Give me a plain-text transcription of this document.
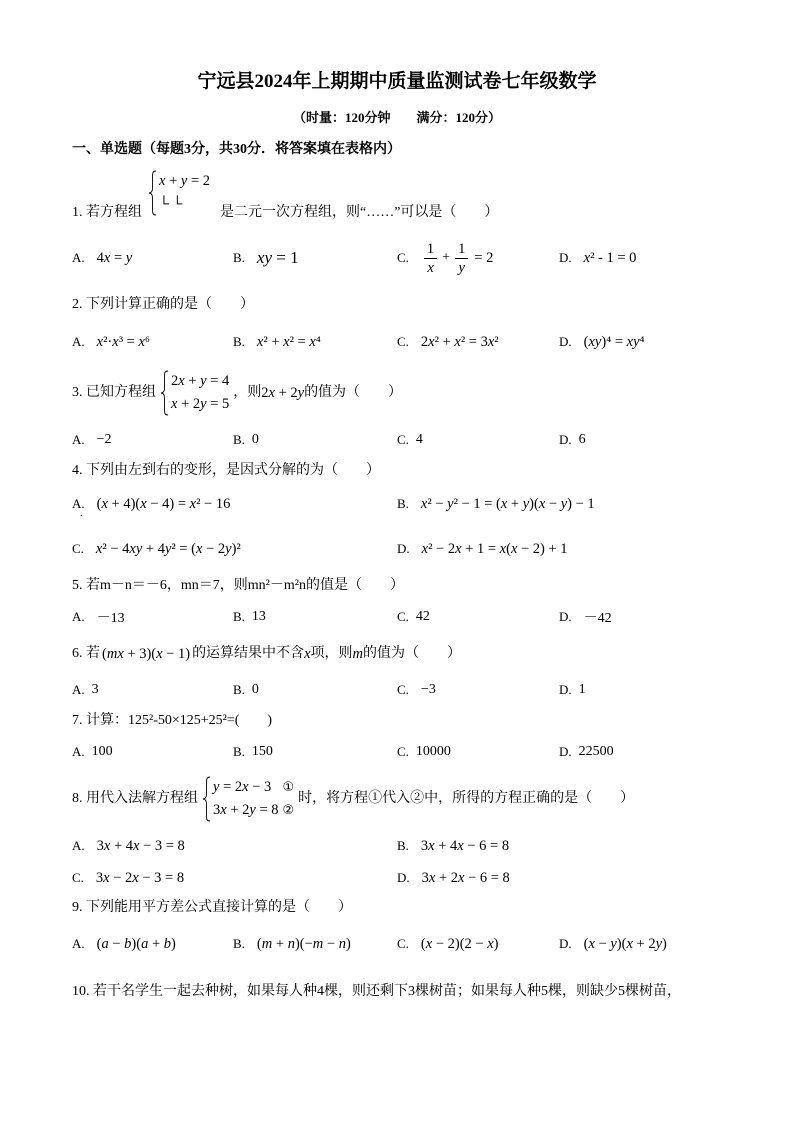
宁远县2024年上期期中质量监测试卷七年级数学
（时量：120分钟　　满分：120分）
一、单选题（每题3分，共30分．将答案填在表格内）
1. 若方程组
x + y = 2
└ └
是二元一次方程组，则“……”可以是（　　）
A. 4x = y	B. xy = 1	C. $\frac{1}{x} + \frac{1}{y} = 2$	D. x² - 1 = 0
2. 下列计算正确的是（　　）
A. x²·x³ = x⁶	B. x² + x² = x⁴	C. 2x² + x² = 3x²	D. (xy)⁴ = xy⁴
3. 已知方程组
2x + y = 4
x + 2y = 5
，则 2x + 2y 的值为（　　）
A. −2	B. 0	C. 4	D. 6
4. 下列由左到右的变形，是因式分解的为（　　）
A. (x + 4)(x − 4) = x² − 16
.
B. x² − y² − 1 = (x + y)(x − y) − 1
C. x² − 4xy + 4y² = (x − 2y)²	D. x² − 2x + 1 = x(x − 2) + 1
5. 若m－n＝－6，mn＝7，则mn²－m²n的值是（　　）
A. －13	B. 13	C. 42	D. －42
6. 若 (mx + 3)(x − 1) 的运算结果中不含 x 项，则 m 的值为（　　）
A. 3	B. 0	C. −3	D. 1
7. 计算：125²-50×125+25²=(　　)
A. 100	B. 150	C. 10000	D. 22500
8. 用代入法解方程组
y = 2x − 3 ①
3x + 2y = 8 ②
时，将方程①代入②中，所得的方程正确的是（　　）
A. 3x + 4x − 3 = 8	B. 3x + 4x − 6 = 8
C. 3x − 2x − 3 = 8	D. 3x + 2x − 6 = 8
9. 下列能用平方差公式直接计算的是（　　）
A. (a − b)(a + b)	B. (m + n)(−m − n)	C. (x − 2)(2 − x)	D. (x − y)(x + 2y)
10. 若干名学生一起去种树，如果每人种4棵，则还剩下3棵树苗；如果每人种5棵，则缺少5棵树苗，
